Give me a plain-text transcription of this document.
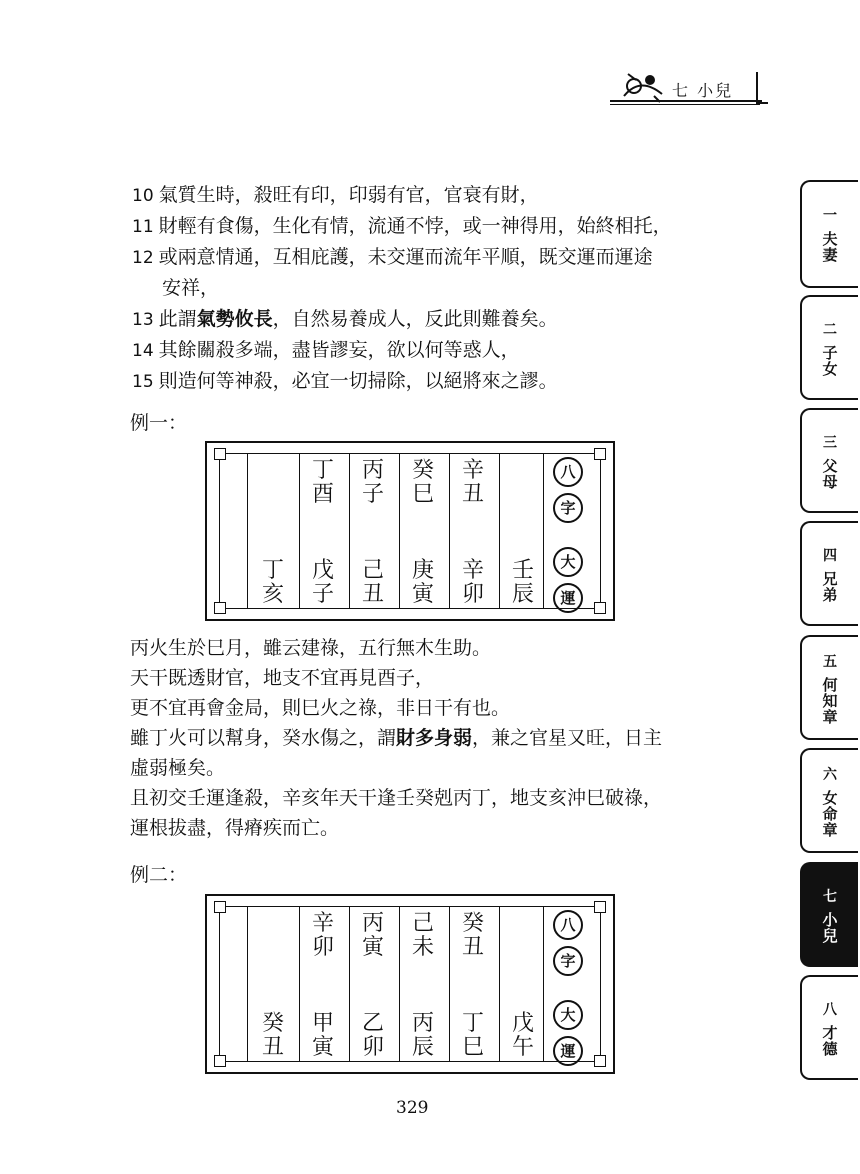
七 小兒
10 氣質生時，殺旺有印，印弱有官，官衰有財，
11 財輕有食傷，生化有情，流通不悖，或一神得用，始終相托，
12 或兩意情通，互相庇護，未交運而流年平順，既交運而運途
安祥，
13 此謂氣勢攸長，自然易養成人，反此則難養矣。
14 其餘關殺多端，盡皆謬妄，欲以何等惑人，
15 則造何等神殺，必宜一切掃除，以絕將來之謬。
例一：
丁
酉
丙
子
癸
巳
辛
丑
丁
亥
戊
子
己
丑
庚
寅
辛
卯
壬
辰
八
字
大
運
丙火生於巳月，雖云建祿，五行無木生助。
天干既透財官，地支不宜再見酉子，
更不宜再會金局，則巳火之祿，非日干有也。
雖丁火可以幫身，癸水傷之，謂財多身弱，兼之官星又旺，日主
虛弱極矣。
且初交壬運逢殺，辛亥年天干逢壬癸剋丙丁，地支亥沖巳破祿，
運根拔盡，得瘠疾而亡。
例二：
辛
卯
丙
寅
己
未
癸
丑
癸
丑
甲
寅
乙
卯
丙
辰
丁
巳
戊
午
八
字
大
運
329
一
夫妻
二
子女
三
父母
四
兄弟
五
何知章
六
女命章
七
小兒
八
才德
